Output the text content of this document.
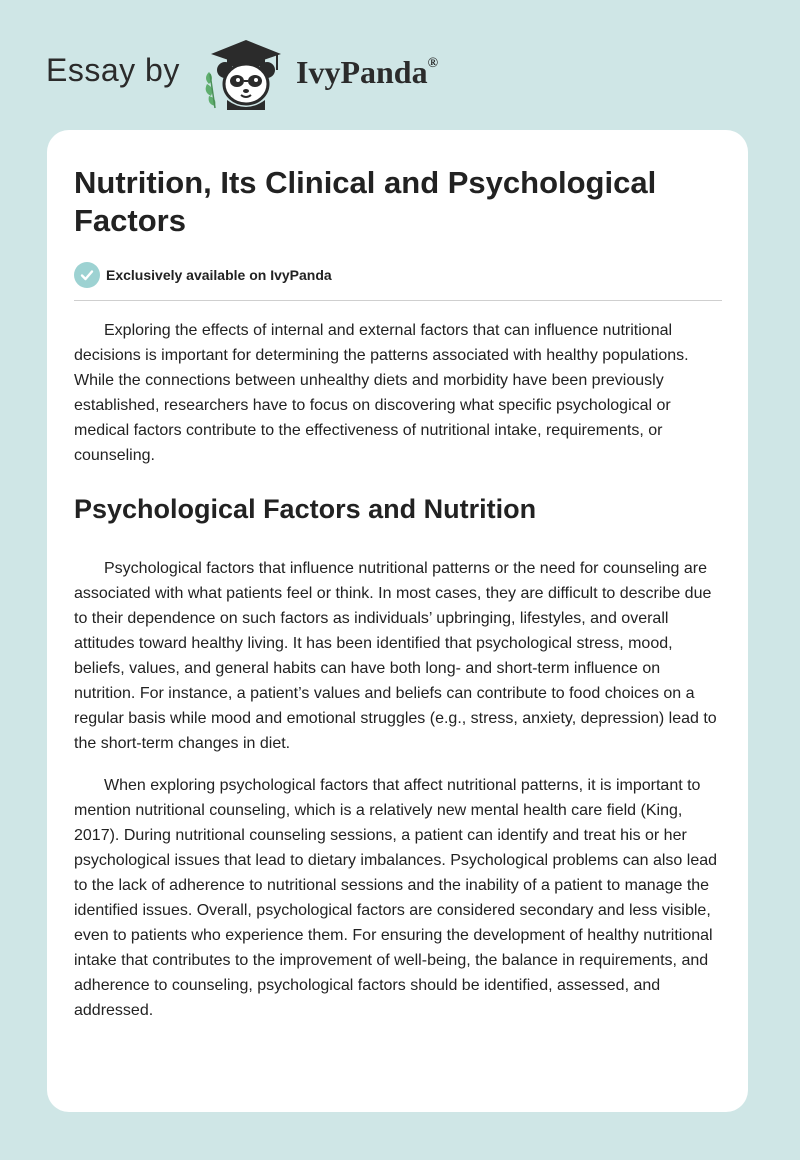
Essay by	IvyPanda®
Nutrition, Its Clinical and Psychological Factors
Exclusively available on IvyPanda

Exploring the effects of internal and external factors that can influence nutritional decisions is important for determining the patterns associated with healthy populations. While the connections between unhealthy diets and morbidity have been previously established, researchers have to focus on discovering what specific psychological or medical factors contribute to the effectiveness of nutritional intake, requirements, or counseling.

Psychological Factors and Nutrition

Psychological factors that influence nutritional patterns or the need for counseling are associated with what patients feel or think. In most cases, they are difficult to describe due to their dependence on such factors as individuals’ upbringing, lifestyles, and overall attitudes toward healthy living. It has been identified that psychological stress, mood, beliefs, values, and general habits can have both long- and short-term influence on nutrition. For instance, a patient’s values and beliefs can contribute to food choices on a regular basis while mood and emotional struggles (e.g., stress, anxiety, depression) lead to the short-term changes in diet.

When exploring psychological factors that affect nutritional patterns, it is important to mention nutritional counseling, which is a relatively new mental health care field (King, 2017). During nutritional counseling sessions, a patient can identify and treat his or her psychological issues that lead to dietary imbalances. Psychological problems can also lead to the lack of adherence to nutritional sessions and the inability of a patient to manage the identified issues. Overall, psychological factors are considered secondary and less visible, even to patients who experience them. For ensuring the development of healthy nutritional intake that contributes to the improvement of well-being, the balance in requirements, and adherence to counseling, psychological factors should be identified, assessed, and addressed.
